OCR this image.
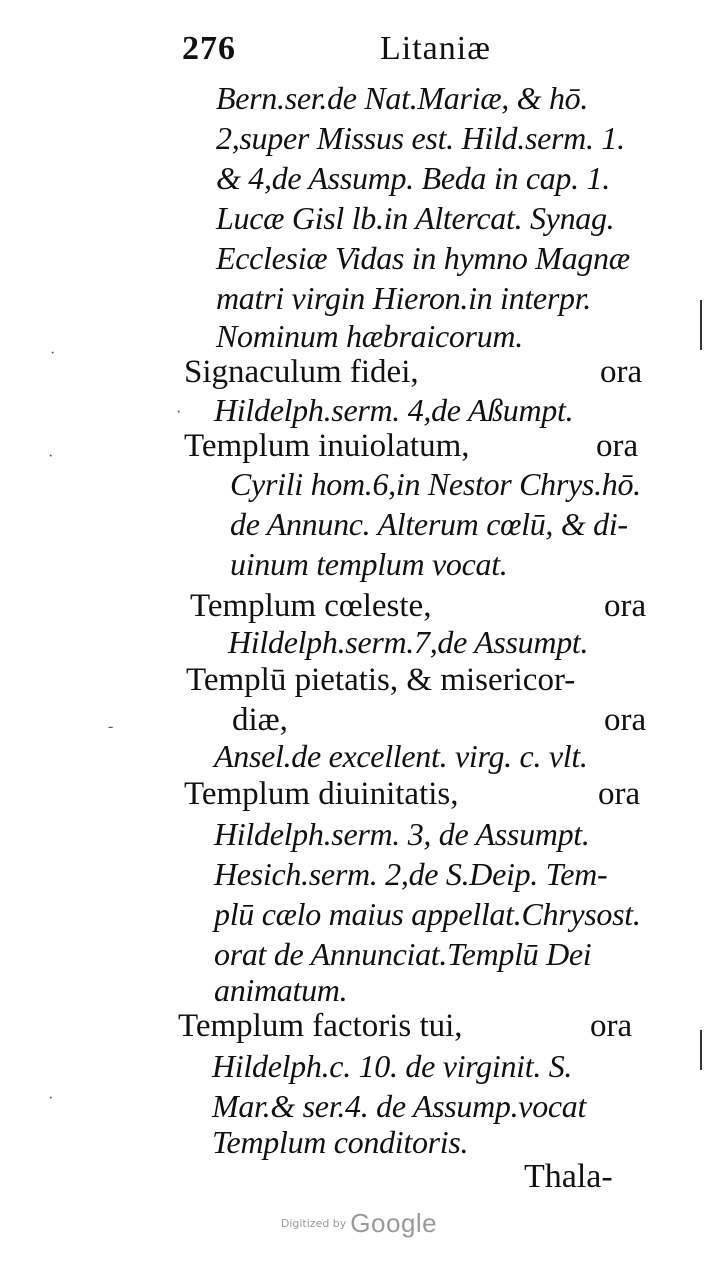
276	Litaniæ
Bern.ser.de Nat.Mariæ, & hō.
2,super Missus est. Hild.serm. 1.
& 4,de Assump. Beda in cap. 1.
Lucæ Gisl lb.in Altercat. Synag.
Ecclesiæ Vidas in hymno Magnæ
matri virgin Hieron.in interpr.
Nominum hæbraicorum.
Signaculum fidei,	ora
Hildelph.serm. 4,de Aßumpt.
Templum inuiolatum,	ora
Cyrili hom.6,in Nestor Chrys.hō.
de Annunc. Alterum cœlū, & di-
uinum templum vocat.
Templum cœleste,	ora
Hildelph.serm.7,de Assumpt.
Templū pietatis, & misericor-
diæ,	ora
Ansel.de excellent. virg. c. vlt.
Templum diuinitatis,	ora
Hildelph.serm. 3, de Assumpt.
Hesich.serm. 2,de S.Deip. Tem-
plū cælo maius appellat.Chrysost.
orat de Annunciat.Templū Dei
animatum.
Templum factoris tui,	ora
Hildelph.c. 10. de virginit. S.
Mar.& ser.4. de Assump.vocat
Templum conditoris.
Thala-
·
·
·
-
·
Digitized by Google
